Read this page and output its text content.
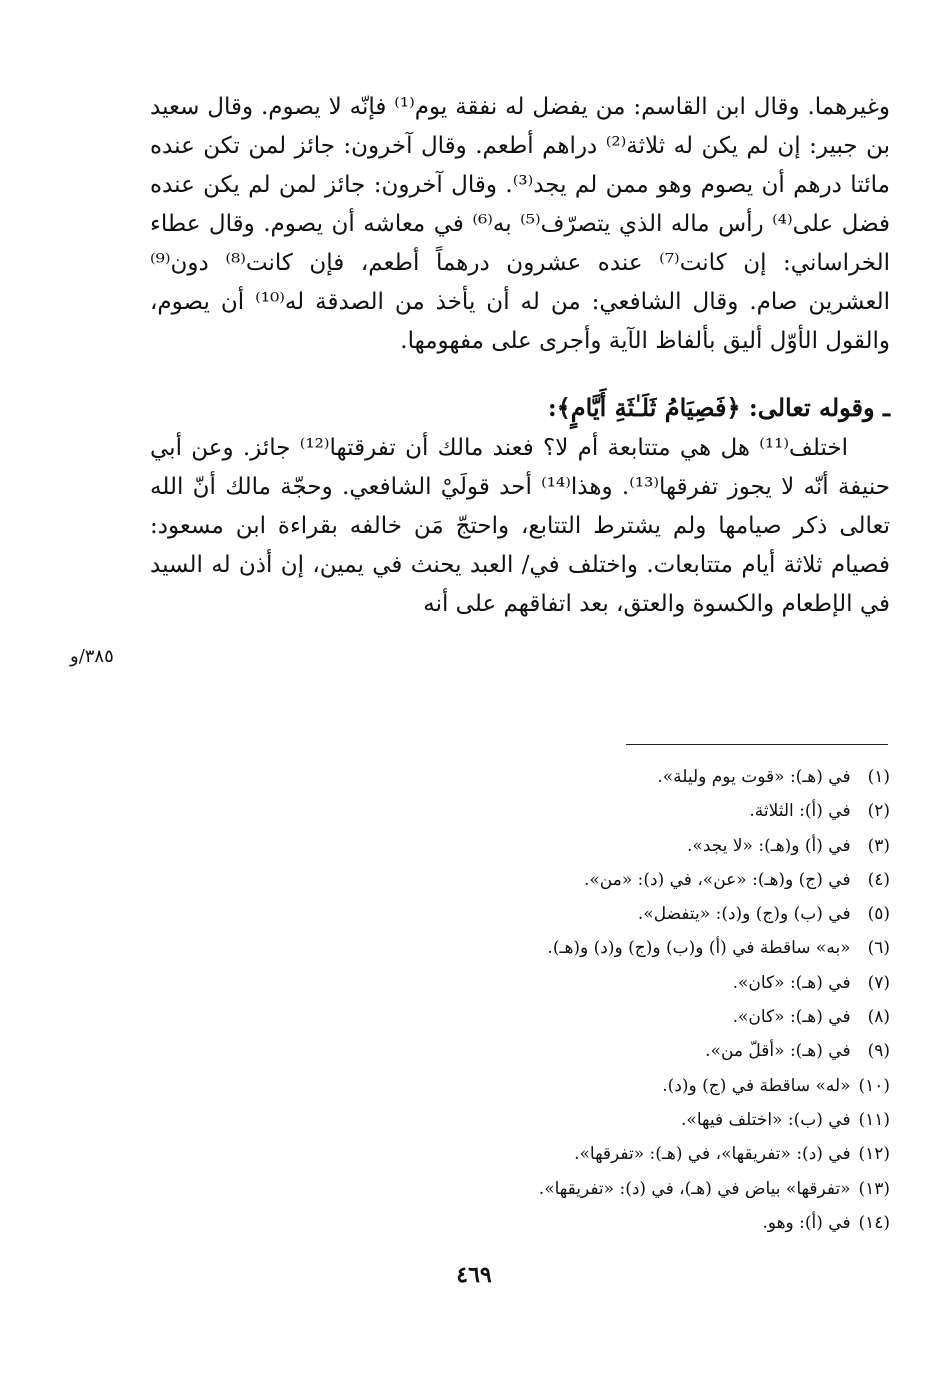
وغيرهما. وقال ابن القاسم: من يفضل له نفقة يوم⁽¹⁾ فإنّه لا يصوم. وقال سعيد بن جبير: إن لم يكن له ثلاثة⁽²⁾ دراهم أطعم. وقال آخرون: جائز لمن تكن عنده مائتا درهم أن يصوم وهو ممن لم يجد⁽³⁾. وقال آخرون: جائز لمن لم يكن عنده فضل على⁽⁴⁾ رأس ماله الذي يتصرّف⁽⁵⁾ به⁽⁶⁾ في معاشه أن يصوم. وقال عطاء الخراساني: إن كانت⁽⁷⁾ عنده عشرون درهماً أطعم، فإن كانت⁽⁸⁾ دون⁽⁹⁾ العشرين صام. وقال الشافعي: من له أن يأخذ من الصدقة له⁽¹⁰⁾ أن يصوم، والقول الأوّل أليق بألفاظ الآية وأجرى على مفهومها.

ـ وقوله تعالى: ﴿فَصِيَامُ ثَلَـٰثَةِ أَيَّامٍ﴾:

اختلف⁽¹¹⁾ هل هي متتابعة أم لا؟ فعند مالك أن تفرقتها⁽¹²⁾ جائز. وعن أبي حنيفة أنّه لا يجوز تفرقها⁽¹³⁾. وهذا⁽¹⁴⁾ أحد قولَيْ الشافعي. وحجّة مالك أنّ الله تعالى ذكر صيامها ولم يشترط التتابع، واحتجّ مَن خالفه بقراءة ابن مسعود: فصيام ثلاثة أيام متتابعات. واختلف في/ العبد يحنث في يمين، إن أذن له السيد في الإطعام والكسوة والعتق، بعد اتفاقهم على أنه

٣٨٥/و
(١) في (هـ): «قوت يوم وليلة».
(٢) في (أ): الثلاثة.
(٣) في (أ) و(هـ): «لا يجد».
(٤) في (ج) و(هـ): «عن»، في (د): «من».
(٥) في (ب) و(ج) و(د): «يتفضل».
(٦) «به» ساقطة في (أ) و(ب) و(ج) و(د) و(هـ).
(٧) في (هـ): «كان».
(٨) في (هـ): «كان».
(٩) في (هـ): «أقلّ من».
(١٠) «له» ساقطة في (ج) و(د).
(١١) في (ب): «اختلف فيها».
(١٢) في (د): «تفريقها»، في (هـ): «تفرقها».
(١٣) «تفرقها» بياض في (هـ)، في (د): «تفريقها».
(١٤) في (أ): وهو.
٤٦٩
